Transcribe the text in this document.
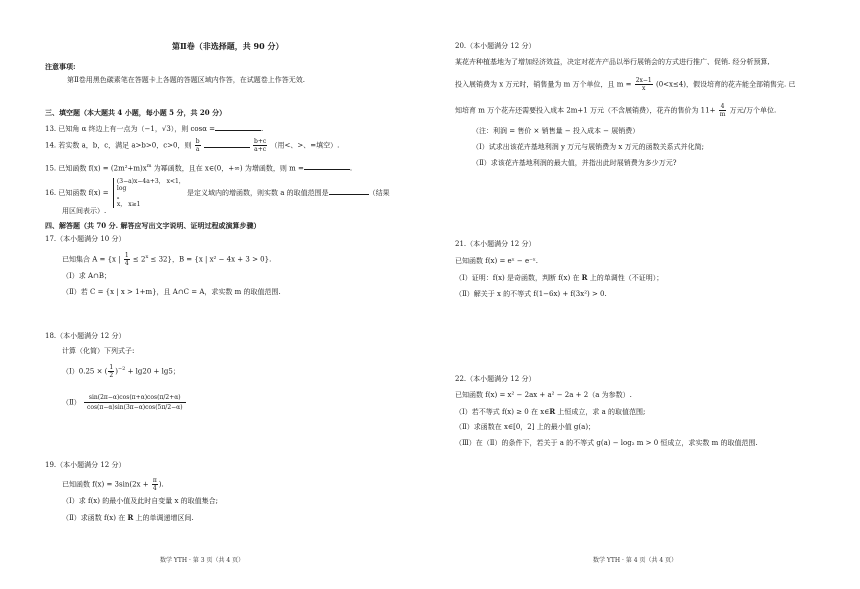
第Ⅱ卷（非选择题，共 90 分）
注意事项:
第Ⅱ卷用黑色碳素笔在答题卡上各题的答题区域内作答，在试题卷上作答无效.
三、填空题（本大题共 4 小题，每小题 5 分，共 20 分）
13. 已知角 α 终边上有一点为（−1，√3），则 cosα =	.
14. 若实数 a，b，c，满足 a>b>0，c>0，则 $\frac{b}{a}$
	$\frac{b+c}{a+c}$ （用<、>、=填空）.
15. 已知函数 $f(x) = (2m^2+m)x^m$ 为幂函数，且在 x∈(0，+∞) 为增函数，则 m =	.
16. 已知函数 f(x) =
(3−a)x−4a+3， x<1，
log
$_a$
x， x≥1
是定义域内的增函数，则实数 a 的取值范围是	（结果
用区间表示）.
四、解答题（共 70 分. 解答应写出文字说明、证明过程或演算步骤）
17.（本小题满分 10 分）
已知集合 A = {x | $\frac{1}{4} \le 2^x \le 32$}，B = {x | x² − 4x + 3 > 0}.
（Ⅰ）求 A∩B；
（Ⅱ）若 C = {x | x > 1+m}，且 A∩C = A，求实数 m 的取值范围.
18.（本小题满分 12 分）
计算（化简）下列式子:
（Ⅰ）0.25 × ( $\frac{1}{2} )^{-2} + \lg 20 + \lg 5$；
（Ⅱ） $\frac{\sin(2\pi-\alpha)\cos(\pi+\alpha)\cos(\pi/2+\alpha)}{\cos(\pi-\alpha)\sin(3\pi-\alpha)\cos(5\pi/2-\alpha)}$
19.（本小题满分 12 分）
已知函数 $f(x) = 3\sin(2x + \frac{\pi}{4}$ ).
（Ⅰ）求 f(x) 的最小值及此时自变量 x 的取值集合;
（Ⅱ）求函数 f(x) 在 R 上的单调递增区间.
数学 YTH · 第 3 页（共 4 页）
20.（本小题满分 12 分）
某花卉种植基地为了增加经济效益，决定对花卉产品以举行展销会的方式进行推广、促销. 经分析预算,
投入展销费为 x 万元时，销售量为 m 万个单位，且 $m = \frac{2x-1}{x} (0<x\le 4)$，假设培育的花卉能全部销售完. 已
知培育 m 万个花卉还需要投入成本 2m+1 万元（不含展销费），花卉的售价为 $11+ \frac{4}{m}$ 万元/万个单位.
（注：利润 = 售价 × 销售量 − 投入成本 − 展销费）
（Ⅰ）试求出该花卉基地利润 y 万元与展销费为 x 万元的函数关系式并化简;
（Ⅱ）求该花卉基地利润的最大值，并指出此时展销费为多少万元?
21.（本小题满分 12 分）
已知函数 f(x) = eˣ − e⁻ˣ.
（Ⅰ）证明：f(x) 是奇函数，判断 f(x) 在 R 上的单调性（不证明）；
（Ⅱ）解关于 x 的不等式 f(1−6x) + f(3x²) > 0.
22.（本小题满分 12 分）
已知函数 f(x) = x² − 2ax + a² − 2a + 2（a 为参数）.
（Ⅰ）若不等式 f(x) ≥ 0 在 x∈R 上恒成立，求 a 的取值范围;
（Ⅱ）求函数在 x∈[0，2] 上的最小值 g(a)；
（Ⅲ）在（Ⅱ）的条件下，若关于 a 的不等式 g(a) − log₂ m > 0 恒成立，求实数 m 的取值范围.
数学 YTH · 第 4 页（共 4 页）
